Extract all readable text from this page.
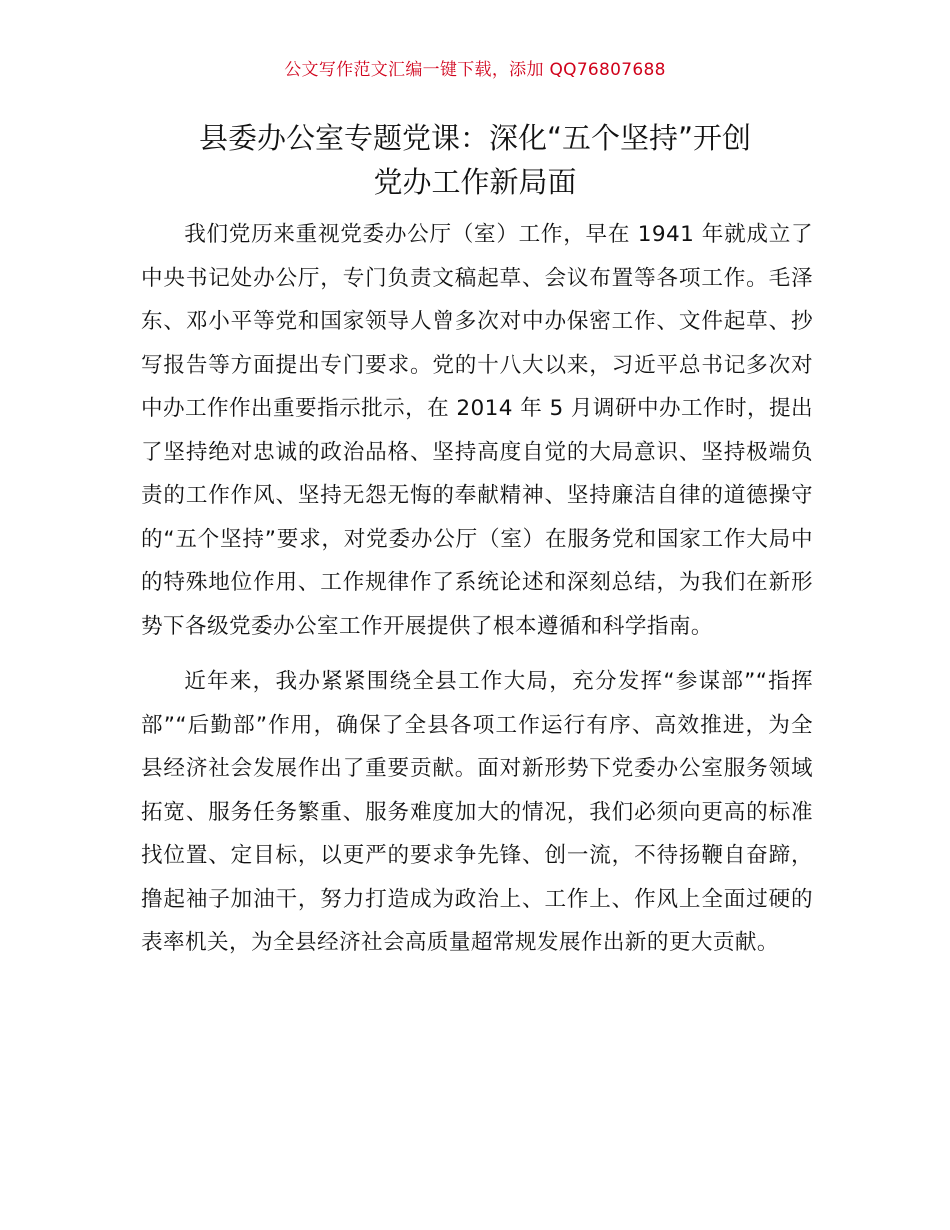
公文写作范文汇编一键下载，添加 QQ76807688
县委办公室专题党课：深化“五个坚持”开创
党办工作新局面

我们党历来重视党委办公厅（室）工作，早在 1941 年就成立了中央书记处办公厅，专门负责文稿起草、会议布置等各项工作。毛泽东、邓小平等党和国家领导人曾多次对中办保密工作、文件起草、抄写报告等方面提出专门要求。党的十八大以来，习近平总书记多次对中办工作作出重要指示批示，在 2014 年 5 月调研中办工作时，提出了坚持绝对忠诚的政治品格、坚持高度自觉的大局意识、坚持极端负责的工作作风、坚持无怨无悔的奉献精神、坚持廉洁自律的道德操守的“五个坚持”要求，对党委办公厅（室）在服务党和国家工作大局中的特殊地位作用、工作规律作了系统论述和深刻总结，为我们在新形势下各级党委办公室工作开展提供了根本遵循和科学指南。

近年来，我办紧紧围绕全县工作大局，充分发挥“参谋部”“指挥部”“后勤部”作用，确保了全县各项工作运行有序、高效推进，为全县经济社会发展作出了重要贡献。面对新形势下党委办公室服务领域拓宽、服务任务繁重、服务难度加大的情况，我们必须向更高的标准找位置、定目标，以更严的要求争先锋、创一流，不待扬鞭自奋蹄，撸起袖子加油干，努力打造成为政治上、工作上、作风上全面过硬的表率机关，为全县经济社会高质量超常规发展作出新的更大贡献。
